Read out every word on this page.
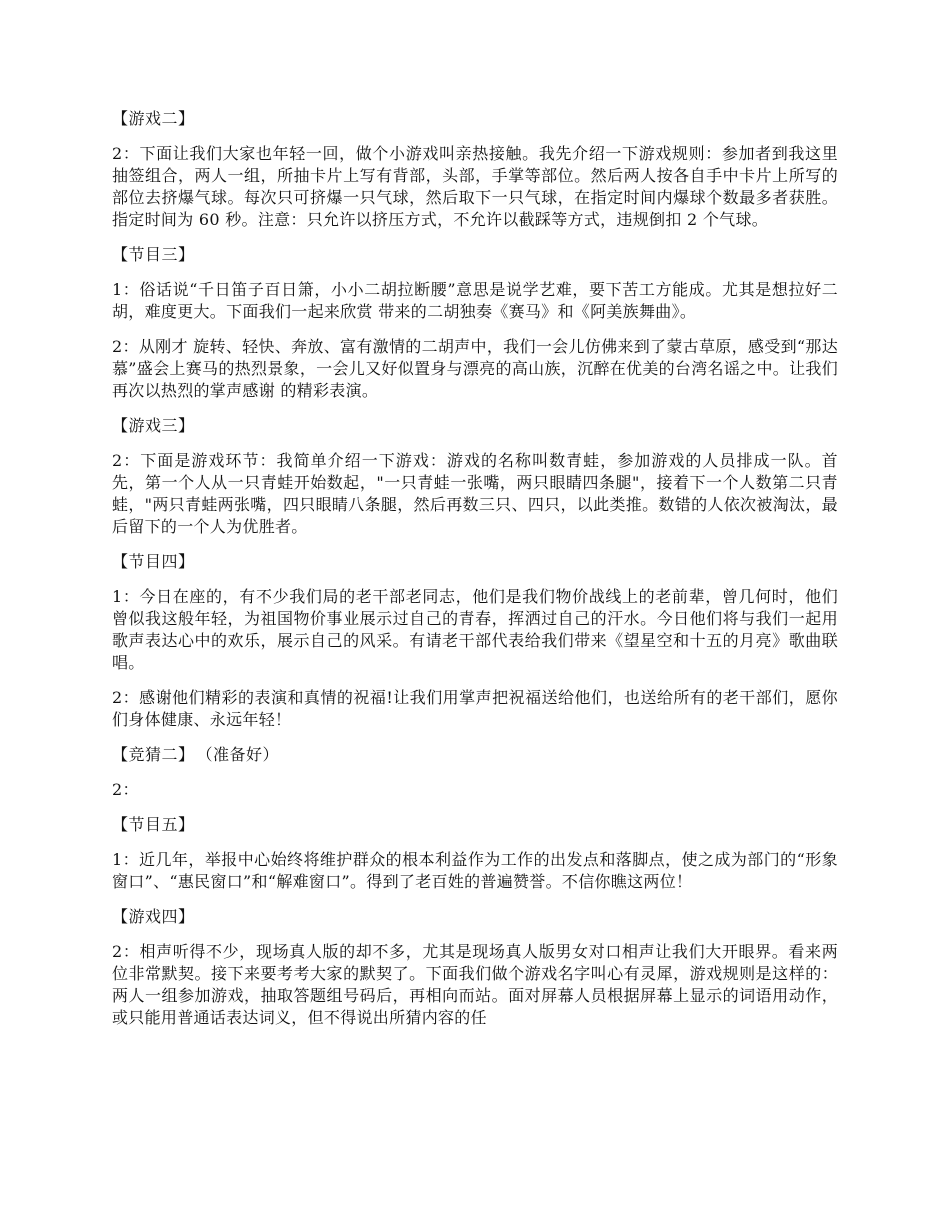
【游戏二】

2：下面让我们大家也年轻一回，做个小游戏叫亲热接触。我先介绍一下游戏规则：参加者到我这里抽签组合，两人一组，所抽卡片上写有背部，头部，手掌等部位。然后两人按各自手中卡片上所写的部位去挤爆气球。每次只可挤爆一只气球，然后取下一只气球，在指定时间内爆球个数最多者获胜。指定时间为 60 秒。注意：只允许以挤压方式，不允许以截踩等方式，违规倒扣 2 个气球。

【节目三】

1：俗话说“千日笛子百日箫，小小二胡拉断腰”意思是说学艺难，要下苦工方能成。尤其是想拉好二胡，难度更大。下面我们一起来欣赏 带来的二胡独奏《赛马》和《阿美族舞曲》。

2：从刚才 旋转、轻快、奔放、富有激情的二胡声中，我们一会儿仿佛来到了蒙古草原，感受到“那达慕”盛会上赛马的热烈景象，一会儿又好似置身与漂亮的高山族，沉醉在优美的台湾名谣之中。让我们再次以热烈的掌声感谢 的精彩表演。

【游戏三】

2：下面是游戏环节：我简单介绍一下游戏：游戏的名称叫数青蛙，参加游戏的人员排成一队。首先，第一个人从一只青蛙开始数起，"一只青蛙一张嘴，两只眼睛四条腿"，接着下一个人数第二只青蛙，"两只青蛙两张嘴，四只眼睛八条腿，然后再数三只、四只，以此类推。数错的人依次被淘汰，最后留下的一个人为优胜者。

【节目四】

1：今日在座的，有不少我们局的老干部老同志，他们是我们物价战线上的老前辈，曾几何时，他们曾似我这般年轻，为祖国物价事业展示过自己的青春，挥洒过自己的汗水。今日他们将与我们一起用歌声表达心中的欢乐，展示自己的风采。有请老干部代表给我们带来《望星空和十五的月亮》歌曲联唱。

2：感谢他们精彩的表演和真情的祝福!让我们用掌声把祝福送给他们，也送给所有的老干部们，愿你们身体健康、永远年轻！

【竞猜二】 （准备好）

2：

【节目五】

1：近几年，举报中心始终将维护群众的根本利益作为工作的出发点和落脚点，使之成为部门的“形象窗口”、“惠民窗口”和“解难窗口”。得到了老百姓的普遍赞誉。不信你瞧这两位！

【游戏四】

2：相声听得不少，现场真人版的却不多，尤其是现场真人版男女对口相声让我们大开眼界。看来两位非常默契。接下来要考考大家的默契了。下面我们做个游戏名字叫心有灵犀，游戏规则是这样的：两人一组参加游戏，抽取答题组号码后，再相向而站。面对屏幕人员根据屏幕上显示的词语用动作，或只能用普通话表达词义，但不得说出所猜内容的任
